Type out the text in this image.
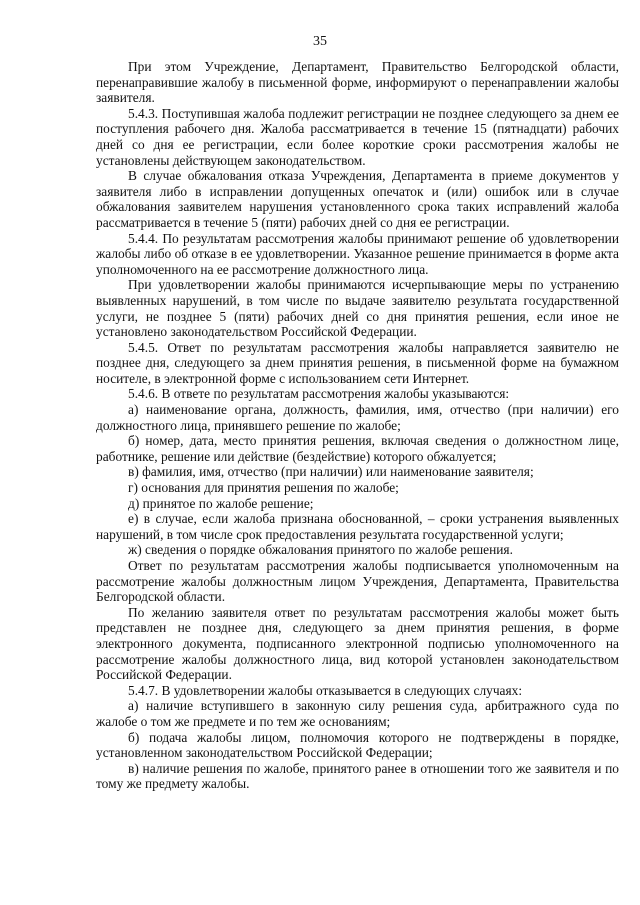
35

При этом Учреждение, Департамент, Правительство Белгородской области, перенаправившие жалобу в письменной форме, информируют о перенаправлении жалобы заявителя.

5.4.3. Поступившая жалоба подлежит регистрации не позднее следующего за днем ее поступления рабочего дня. Жалоба рассматривается в течение 15 (пятнадцати) рабочих дней со дня ее регистрации, если более короткие сроки рассмотрения жалобы не установлены действующем законодательством.

В случае обжалования отказа Учреждения, Департамента в приеме документов у заявителя либо в исправлении допущенных опечаток и (или) ошибок или в случае обжалования заявителем нарушения установленного срока таких исправлений жалоба рассматривается в течение 5 (пяти) рабочих дней со дня ее регистрации.

5.4.4. По результатам рассмотрения жалобы принимают решение об удовлетворении жалобы либо об отказе в ее удовлетворении. Указанное решение принимается в форме акта уполномоченного на ее рассмотрение должностного лица.

При удовлетворении жалобы принимаются исчерпывающие меры по устранению выявленных нарушений, в том числе по выдаче заявителю результата государственной услуги, не позднее 5 (пяти) рабочих дней со дня принятия решения, если иное не установлено законодательством Российской Федерации.

5.4.5. Ответ по результатам рассмотрения жалобы направляется заявителю не позднее дня, следующего за днем принятия решения, в письменной форме на бумажном носителе, в электронной форме с использованием сети Интернет.

5.4.6. В ответе по результатам рассмотрения жалобы указываются:

а) наименование органа, должность, фамилия, имя, отчество (при наличии) его должностного лица, принявшего решение по жалобе;

б) номер, дата, место принятия решения, включая сведения о должностном лице, работнике, решение или действие (бездействие) которого обжалуется;

в) фамилия, имя, отчество (при наличии) или наименование заявителя;

г) основания для принятия решения по жалобе;

д) принятое по жалобе решение;

е) в случае, если жалоба признана обоснованной, – сроки устранения выявленных нарушений, в том числе срок предоставления результата государственной услуги;

ж) сведения о порядке обжалования принятого по жалобе решения.

Ответ по результатам рассмотрения жалобы подписывается уполномоченным на рассмотрение жалобы должностным лицом Учреждения, Департамента, Правительства Белгородской области.

По желанию заявителя ответ по результатам рассмотрения жалобы может быть представлен не позднее дня, следующего за днем принятия решения, в форме электронного документа, подписанного электронной подписью уполномоченного на рассмотрение жалобы должностного лица, вид которой установлен законодательством Российской Федерации.

5.4.7. В удовлетворении жалобы отказывается в следующих случаях:

а) наличие вступившего в законную силу решения суда, арбитражного суда по жалобе о том же предмете и по тем же основаниям;

б) подача жалобы лицом, полномочия которого не подтверждены в порядке, установленном законодательством Российской Федерации;

в) наличие решения по жалобе, принятого ранее в отношении того же заявителя и по тому же предмету жалобы.
